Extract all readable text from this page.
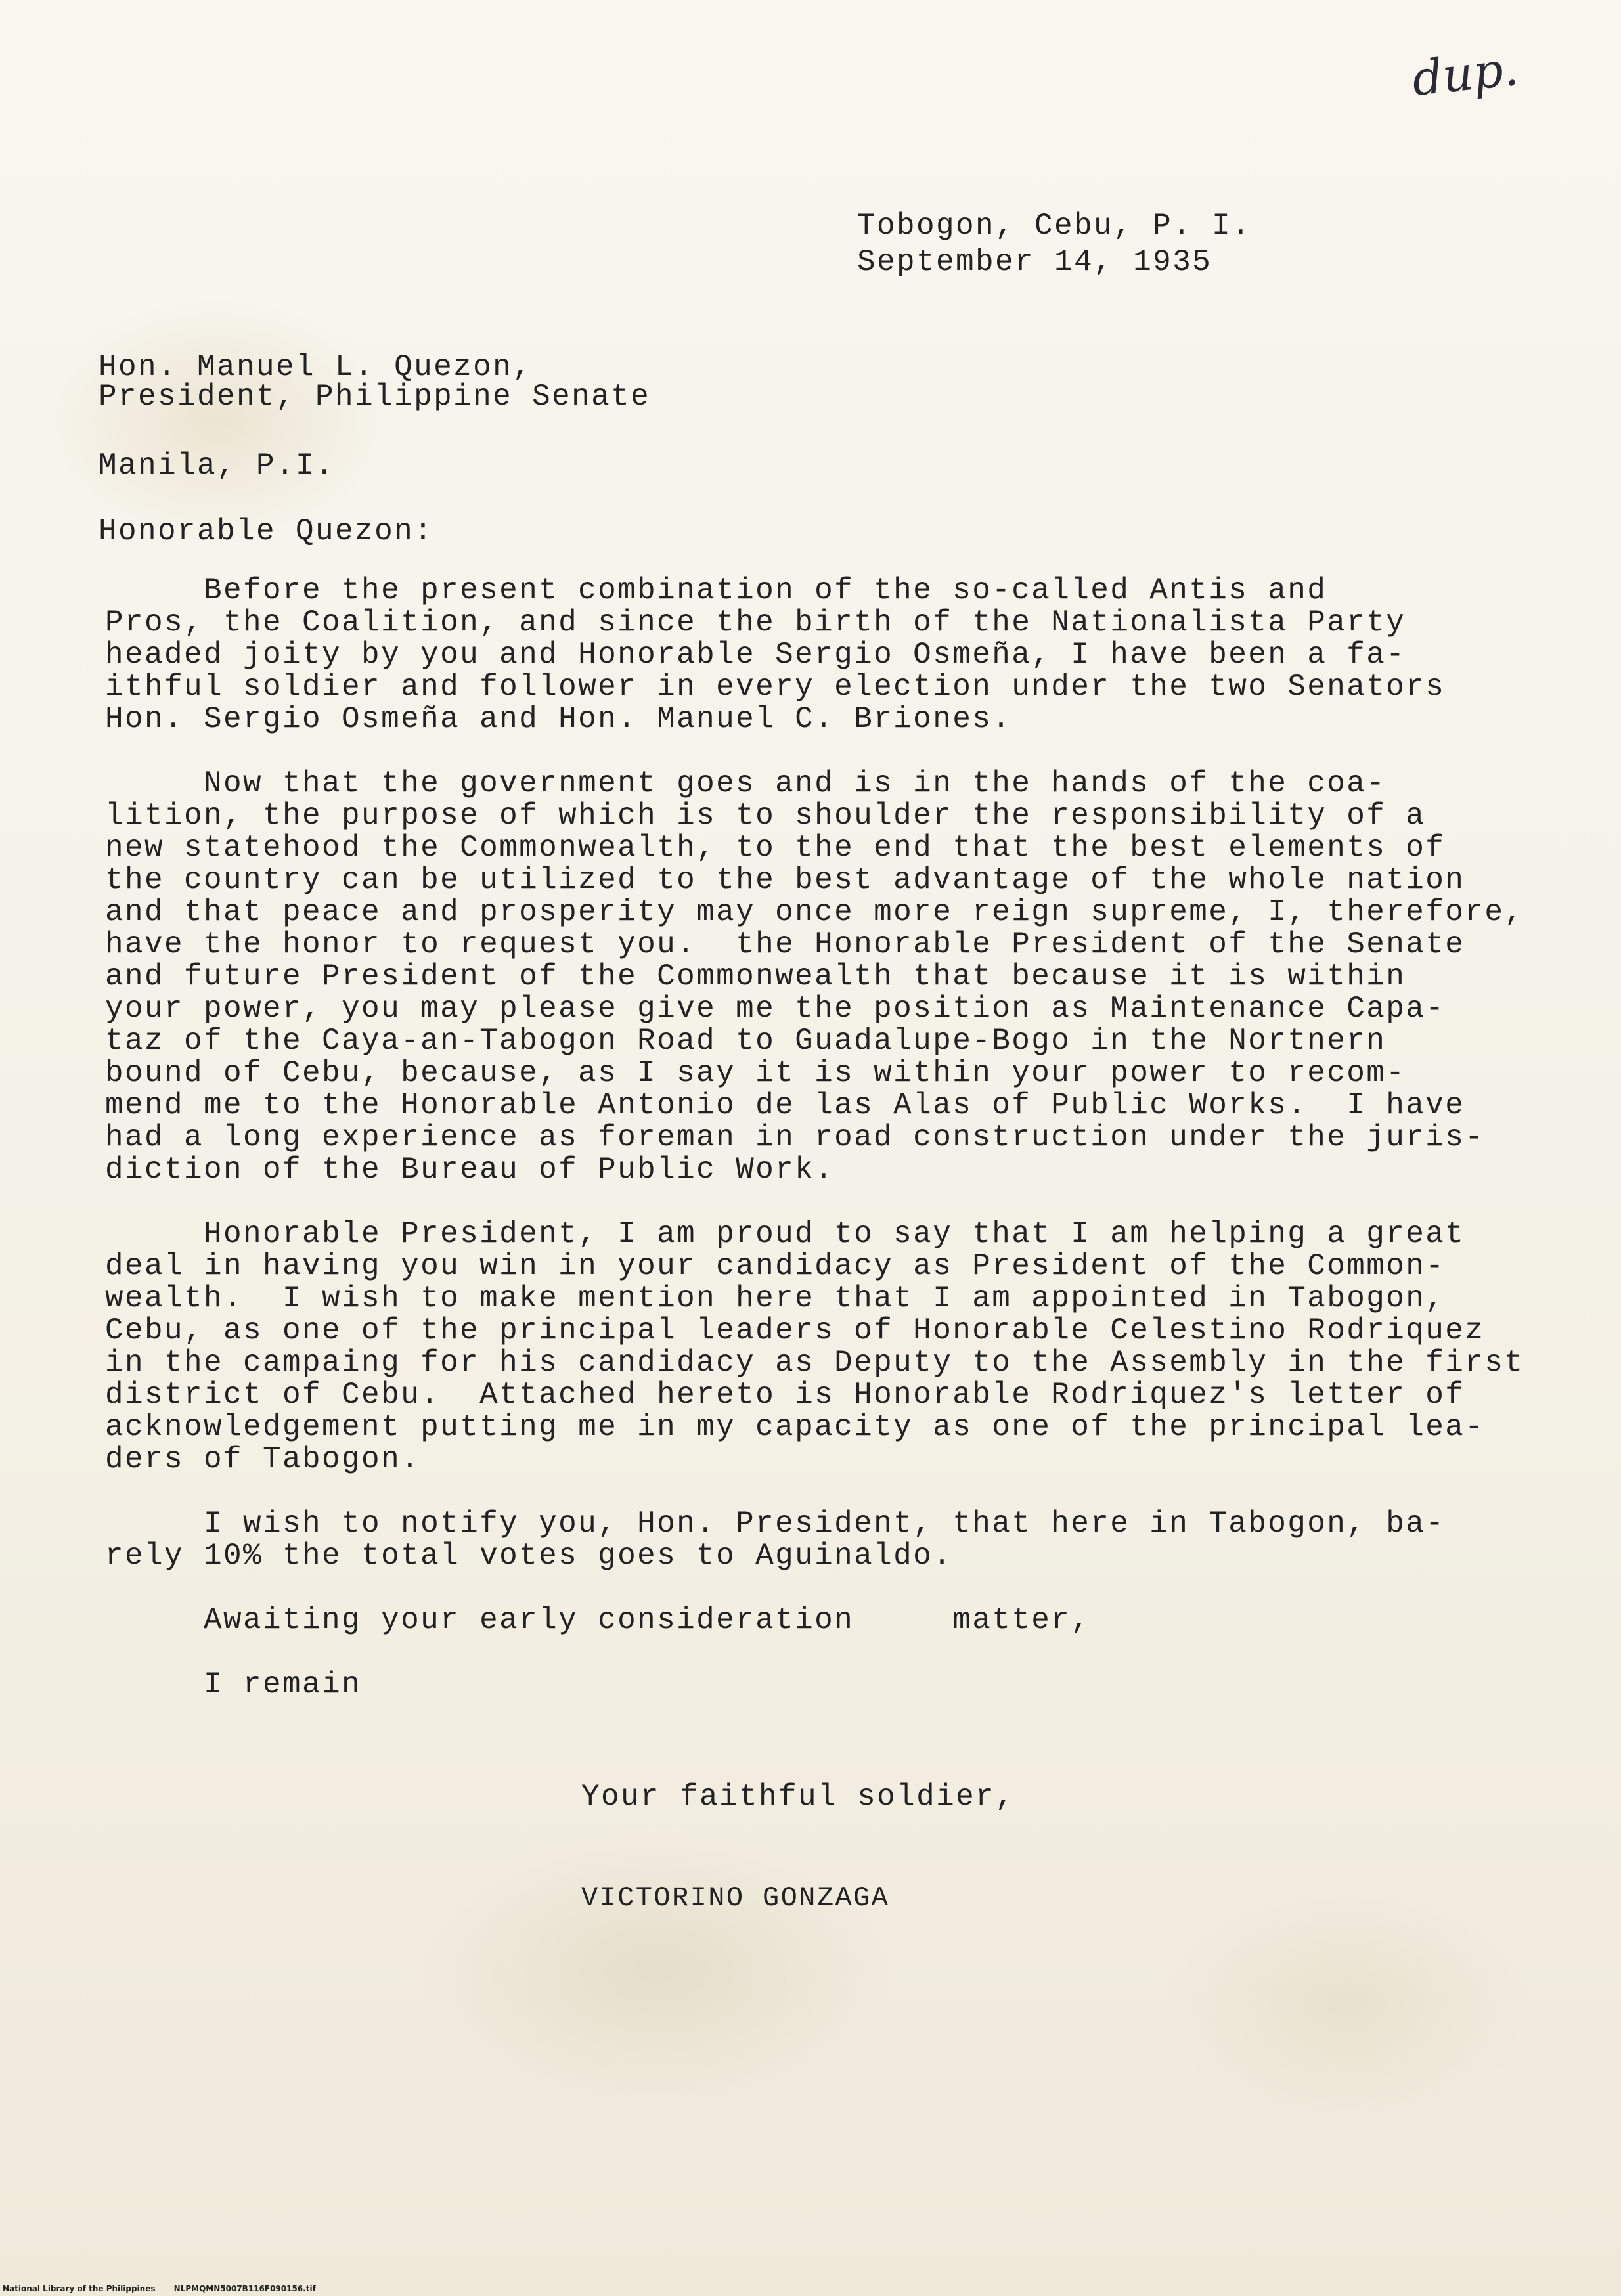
dup.
Tobogon, Cebu, P. I.
September 14, 1935
Hon. Manuel L. Quezon,
President, Philippine Senate
Manila, P.I.
Honorable Quezon:
Before the present combination of the so-called Antis and
Pros, the Coalition, and since the birth of the Nationalista Party
headed joity by you and Honorable Sergio Osmeña, I have been a fa-
ithful soldier and follower in every election under the two Senators
Hon. Sergio Osmeña and Hon. Manuel C. Briones.
Now that the government goes and is in the hands of the coa-
lition, the purpose of which is to shoulder the responsibility of a
new statehood the Commonwealth, to the end that the best elements of
the country can be utilized to the best advantage of the whole nation
and that peace and prosperity may once more reign supreme, I, therefore,
have the honor to request you.  the Honorable President of the Senate
and future President of the Commonwealth that because it is within
your power, you may please give me the position as Maintenance Capa-
taz of the Caya-an-Tabogon Road to Guadalupe-Bogo in the Nortnern
bound of Cebu, because, as I say it is within your power to recom-
mend me to the Honorable Antonio de las Alas of Public Works.  I have
had a long experience as foreman in road construction under the juris-
diction of the Bureau of Public Work.
Honorable President, I am proud to say that I am helping a great
deal in having you win in your candidacy as President of the Common-
wealth.  I wish to make mention here that I am appointed in Tabogon,
Cebu, as one of the principal leaders of Honorable Celestino Rodriquez
in the campaing for his candidacy as Deputy to the Assembly in the first
district of Cebu.  Attached hereto is Honorable Rodriquez's letter of
acknowledgement putting me in my capacity as one of the principal lea-
ders of Tabogon.
I wish to notify you, Hon. President, that here in Tabogon, ba-
rely 10% the total votes goes to Aguinaldo.
Awaiting your early consideration     matter,
I remain
Your faithful soldier,
VICTORINO GONZAGA
National Library of the Philippines NLPMQMN5007B116F090156.tif
